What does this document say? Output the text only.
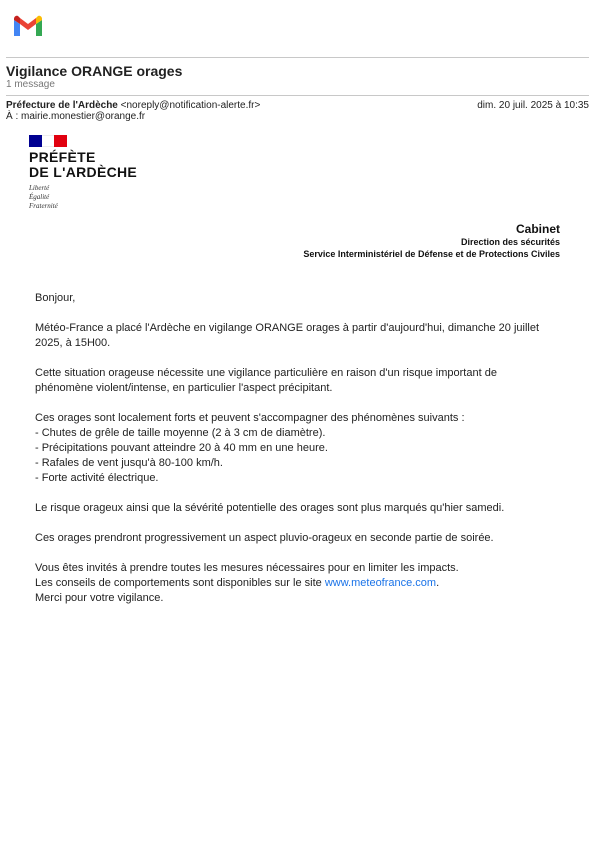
Vigilance ORANGE orages
1 message
Préfecture de l'Ardèche <noreply@notification-alerte.fr>	dim. 20 juil. 2025 à 10:35
À : mairie.monestier@orange.fr
PRÉFÈTE
DE L'ARDÈCHE
Liberté
Égalité
Fraternité
Cabinet
Direction des sécurités
Service Interministériel de Défense et de Protections Civiles

Bonjour,

Météo-France a placé l'Ardèche en vigilange ORANGE orages à partir d'aujourd'hui, dimanche 20 juillet 2025, à 15H00.

Cette situation orageuse nécessite une vigilance particulière en raison d'un risque important de phénomène violent/intense, en particulier l'aspect précipitant.

Ces orages sont localement forts et peuvent s'accompagner des phénomènes suivants :
- Chutes de grêle de taille moyenne (2 à 3 cm de diamètre).
- Précipitations pouvant atteindre 20 à 40 mm en une heure.
- Rafales de vent jusqu'à 80-100 km/h.
- Forte activité électrique.

Le risque orageux ainsi que la sévérité potentielle des orages sont plus marqués qu'hier samedi.

Ces orages prendront progressivement un aspect pluvio-orageux en seconde partie de soirée.

Vous êtes invités à prendre toutes les mesures nécessaires pour en limiter les impacts.
Les conseils de comportements sont disponibles sur le site www.meteofrance.com.
Merci pour votre vigilance.
